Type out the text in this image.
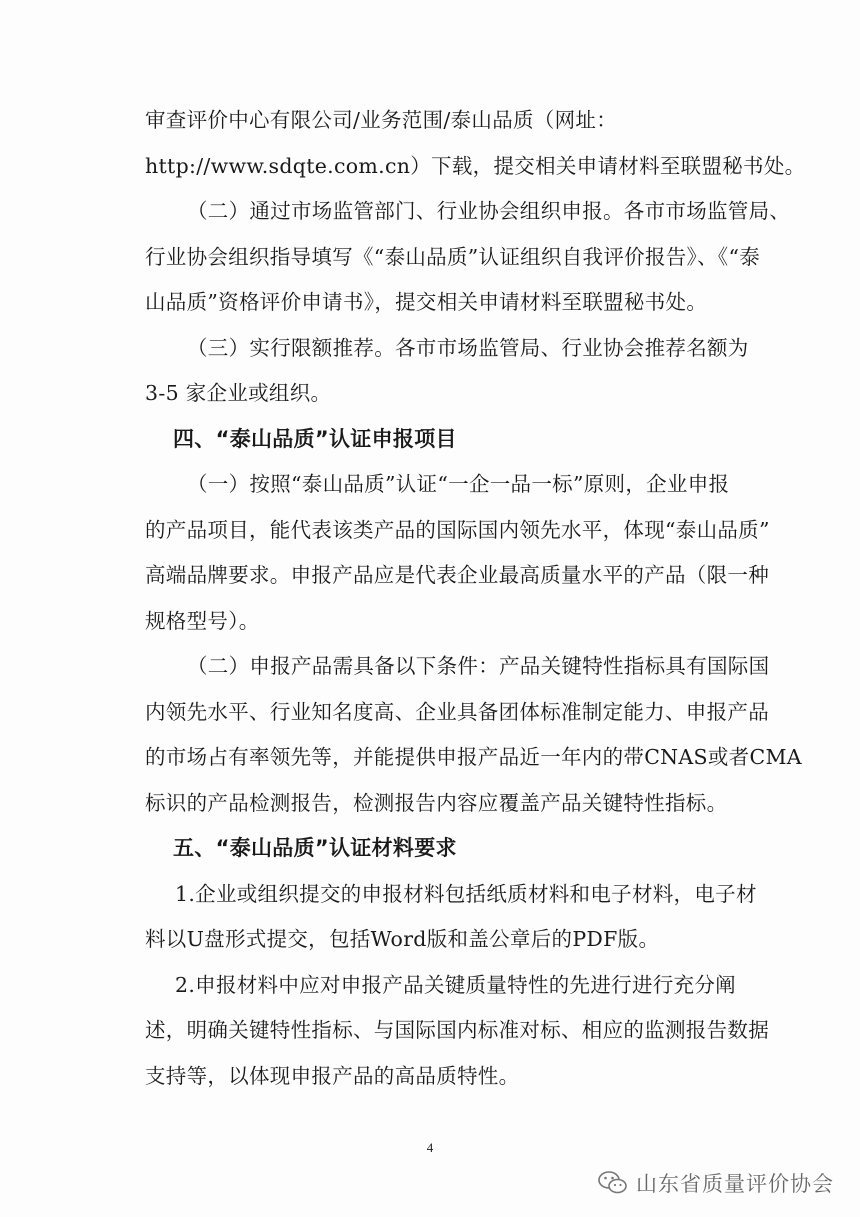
审查评价中心有限公司/业务范围/泰山品质（网址：
http://www.sdqte.com.cn）下载，提交相关申请材料至联盟秘书处。
（二）通过市场监管部门、行业协会组织申报。各市市场监管局、
行业协会组织指导填写《“泰山品质”认证组织自我评价报告》、《“泰
山品质”资格评价申请书》，提交相关申请材料至联盟秘书处。
（三）实行限额推荐。各市市场监管局、行业协会推荐名额为
3-5 家企业或组织。
四、“泰山品质”认证申报项目
（一）按照“泰山品质”认证“一企一品一标”原则，企业申报
的产品项目，能代表该类产品的国际国内领先水平，体现“泰山品质”
高端品牌要求。申报产品应是代表企业最高质量水平的产品（限一种
规格型号）。
（二）申报产品需具备以下条件：产品关键特性指标具有国际国
内领先水平、行业知名度高、企业具备团体标准制定能力、申报产品
的市场占有率领先等，并能提供申报产品近一年内的带CNAS或者CMA
标识的产品检测报告，检测报告内容应覆盖产品关键特性指标。
五、“泰山品质”认证材料要求
1.企业或组织提交的申报材料包括纸质材料和电子材料，电子材
料以U盘形式提交，包括Word版和盖公章后的PDF版。
2.申报材料中应对申报产品关键质量特性的先进行进行充分阐
述，明确关键特性指标、与国际国内标准对标、相应的监测报告数据
支持等，以体现申报产品的高品质特性。
4
山东省质量评价协会
